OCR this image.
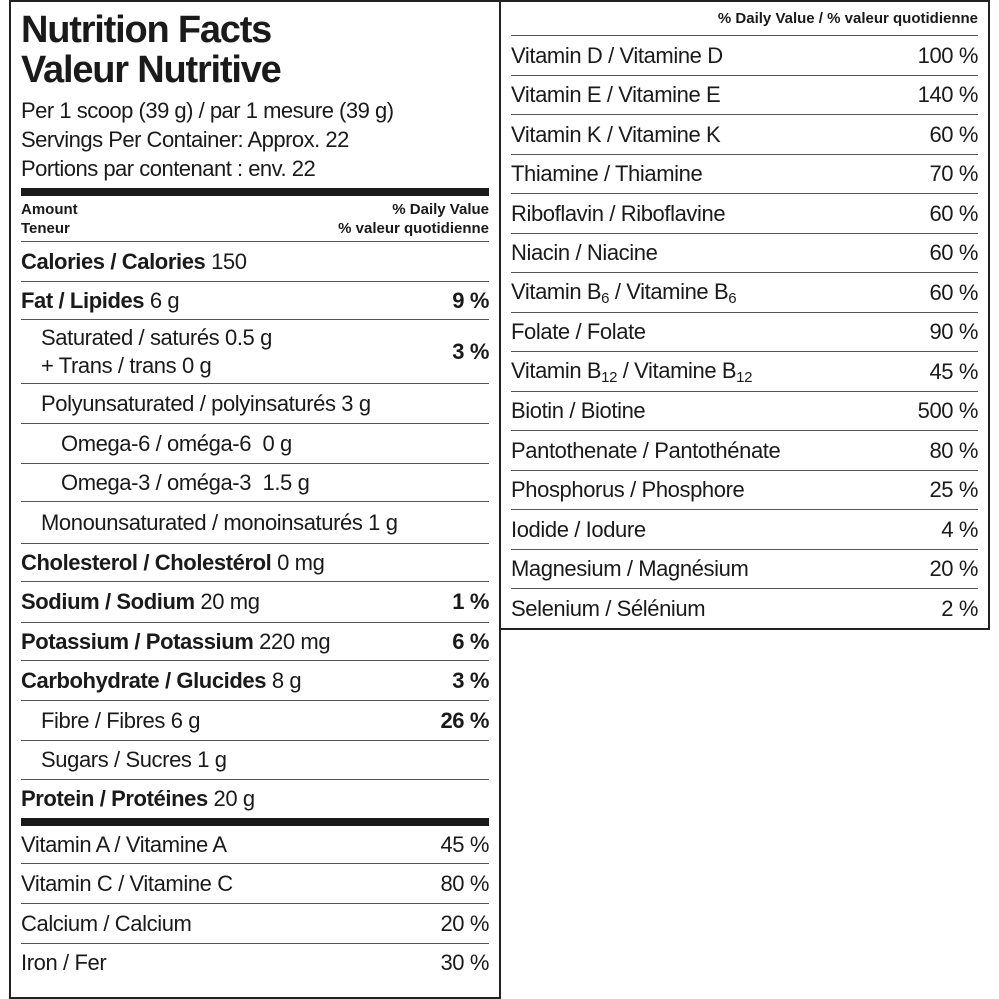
Nutrition Facts
Valeur Nutritive
Per 1 scoop (39 g) / par 1 mesure (39 g)
Servings Per Container: Approx. 22
Portions par contenant : env. 22
Amount
Teneur
% Daily Value
% valeur quotidienne
Calories / Calories 150
Fat / Lipides 6 g	9 %
Saturated / saturés 0.5 g
+ Trans / trans 0 g
3 %
Polyunsaturated / polyinsaturés 3 g
Omega-6 / oméga-6  0 g
Omega-3 / oméga-3  1.5 g
Monounsaturated / monoinsaturés 1 g
Cholesterol / Cholestérol 0 mg
Sodium / Sodium 20 mg	1 %
Potassium / Potassium 220 mg	6 %
Carbohydrate / Glucides 8 g	3 %
Fibre / Fibres 6 g	26 %
Sugars / Sucres 1 g
Protein / Protéines 20 g
Vitamin A / Vitamine A	45 %
Vitamin C / Vitamine C	80 %
Calcium / Calcium	20 %
Iron / Fer	30 %
% Daily Value / % valeur quotidienne
Vitamin D / Vitamine D	100 %
Vitamin E / Vitamine E	140 %
Vitamin K / Vitamine K	60 %
Thiamine / Thiamine	70 %
Riboflavin / Riboflavine	60 %
Niacin / Niacine	60 %
Vitamin $B_6$ / Vitamine $B_6$	60 %
Folate / Folate	90 %
Vitamin $B_{12}$ / Vitamine $B_{12}$	45 %
Biotin / Biotine	500 %
Pantothenate / Pantothénate	80 %
Phosphorus / Phosphore	25 %
Iodide / Iodure	4 %
Magnesium / Magnésium	20 %
Selenium / Sélénium	2 %
